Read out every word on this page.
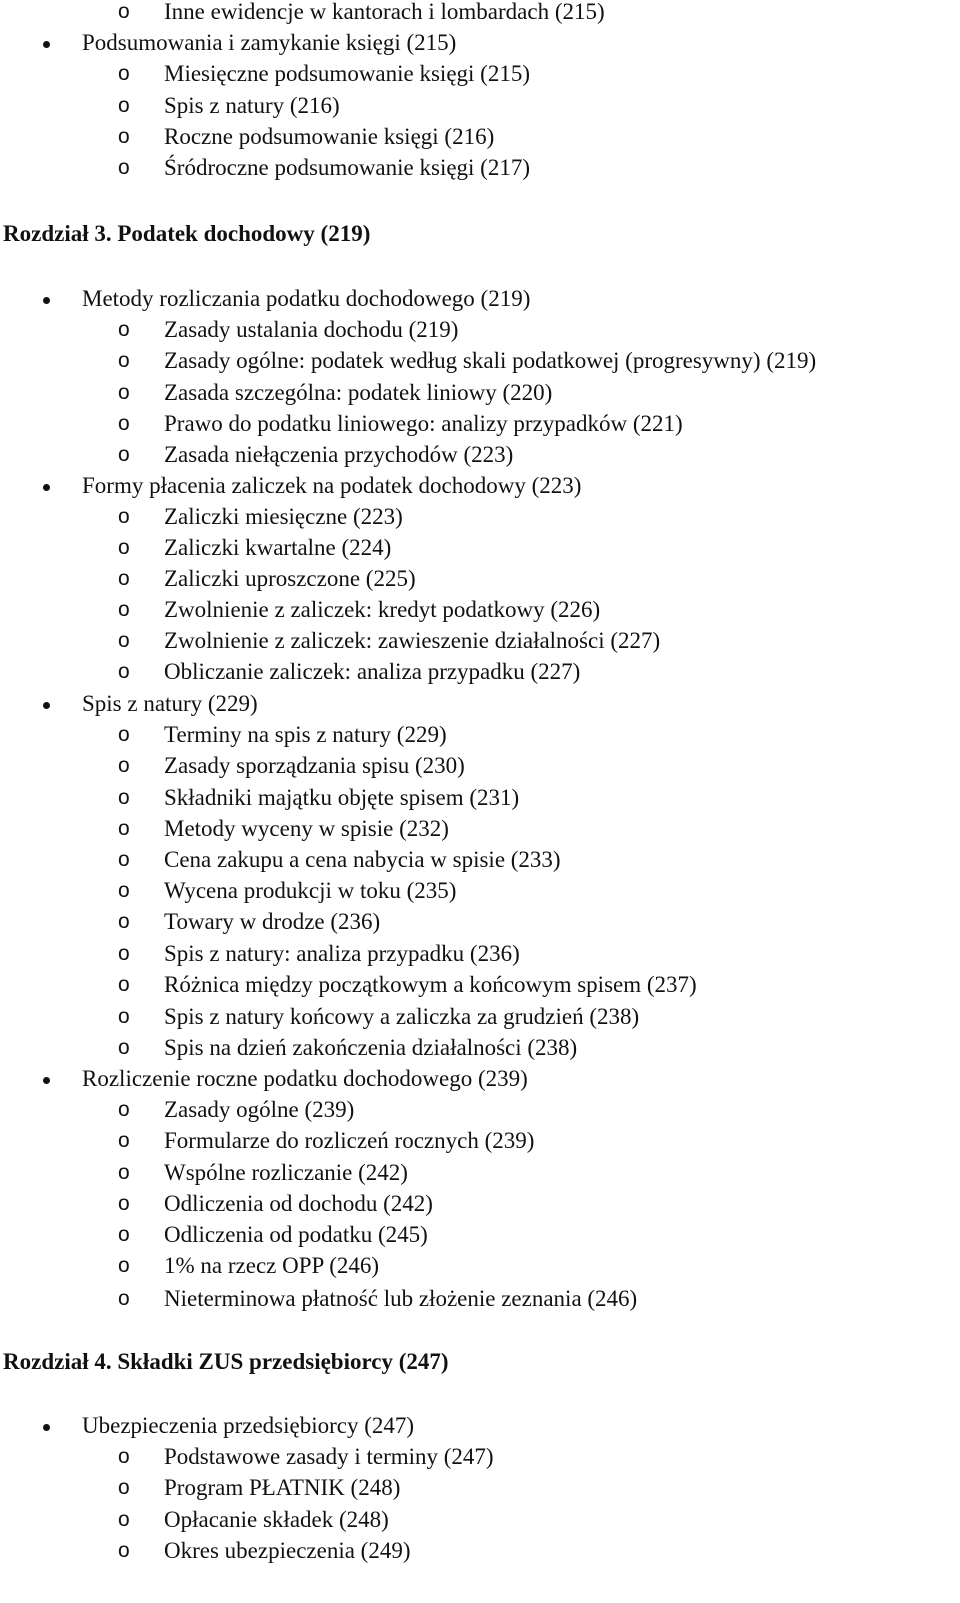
o Inne ewidencje w kantorach i lombardach (215)
Podsumowania i zamykanie księgi (215)
o Miesięczne podsumowanie księgi (215)
o Spis z natury (216)
o Roczne podsumowanie księgi (216)
o Śródroczne podsumowanie księgi (217)
Rozdział 3. Podatek dochodowy (219)
Metody rozliczania podatku dochodowego (219)
o Zasady ustalania dochodu (219)
o Zasady ogólne: podatek według skali podatkowej (progresywny) (219)
o Zasada szczególna: podatek liniowy (220)
o Prawo do podatku liniowego: analizy przypadków (221)
o Zasada niełączenia przychodów (223)
Formy płacenia zaliczek na podatek dochodowy (223)
o Zaliczki miesięczne (223)
o Zaliczki kwartalne (224)
o Zaliczki uproszczone (225)
o Zwolnienie z zaliczek: kredyt podatkowy (226)
o Zwolnienie z zaliczek: zawieszenie działalności (227)
o Obliczanie zaliczek: analiza przypadku (227)
Spis z natury (229)
o Terminy na spis z natury (229)
o Zasady sporządzania spisu (230)
o Składniki majątku objęte spisem (231)
o Metody wyceny w spisie (232)
o Cena zakupu a cena nabycia w spisie (233)
o Wycena produkcji w toku (235)
o Towary w drodze (236)
o Spis z natury: analiza przypadku (236)
o Różnica między początkowym a końcowym spisem (237)
o Spis z natury końcowy a zaliczka za grudzień (238)
o Spis na dzień zakończenia działalności (238)
Rozliczenie roczne podatku dochodowego (239)
o Zasady ogólne (239)
o Formularze do rozliczeń rocznych (239)
o Wspólne rozliczanie (242)
o Odliczenia od dochodu (242)
o Odliczenia od podatku (245)
o 1% na rzecz OPP (246)
o Nieterminowa płatność lub złożenie zeznania (246)
Rozdział 4. Składki ZUS przedsiębiorcy (247)
Ubezpieczenia przedsiębiorcy (247)
o Podstawowe zasady i terminy (247)
o Program PŁATNIK (248)
o Opłacanie składek (248)
o Okres ubezpieczenia (249)
